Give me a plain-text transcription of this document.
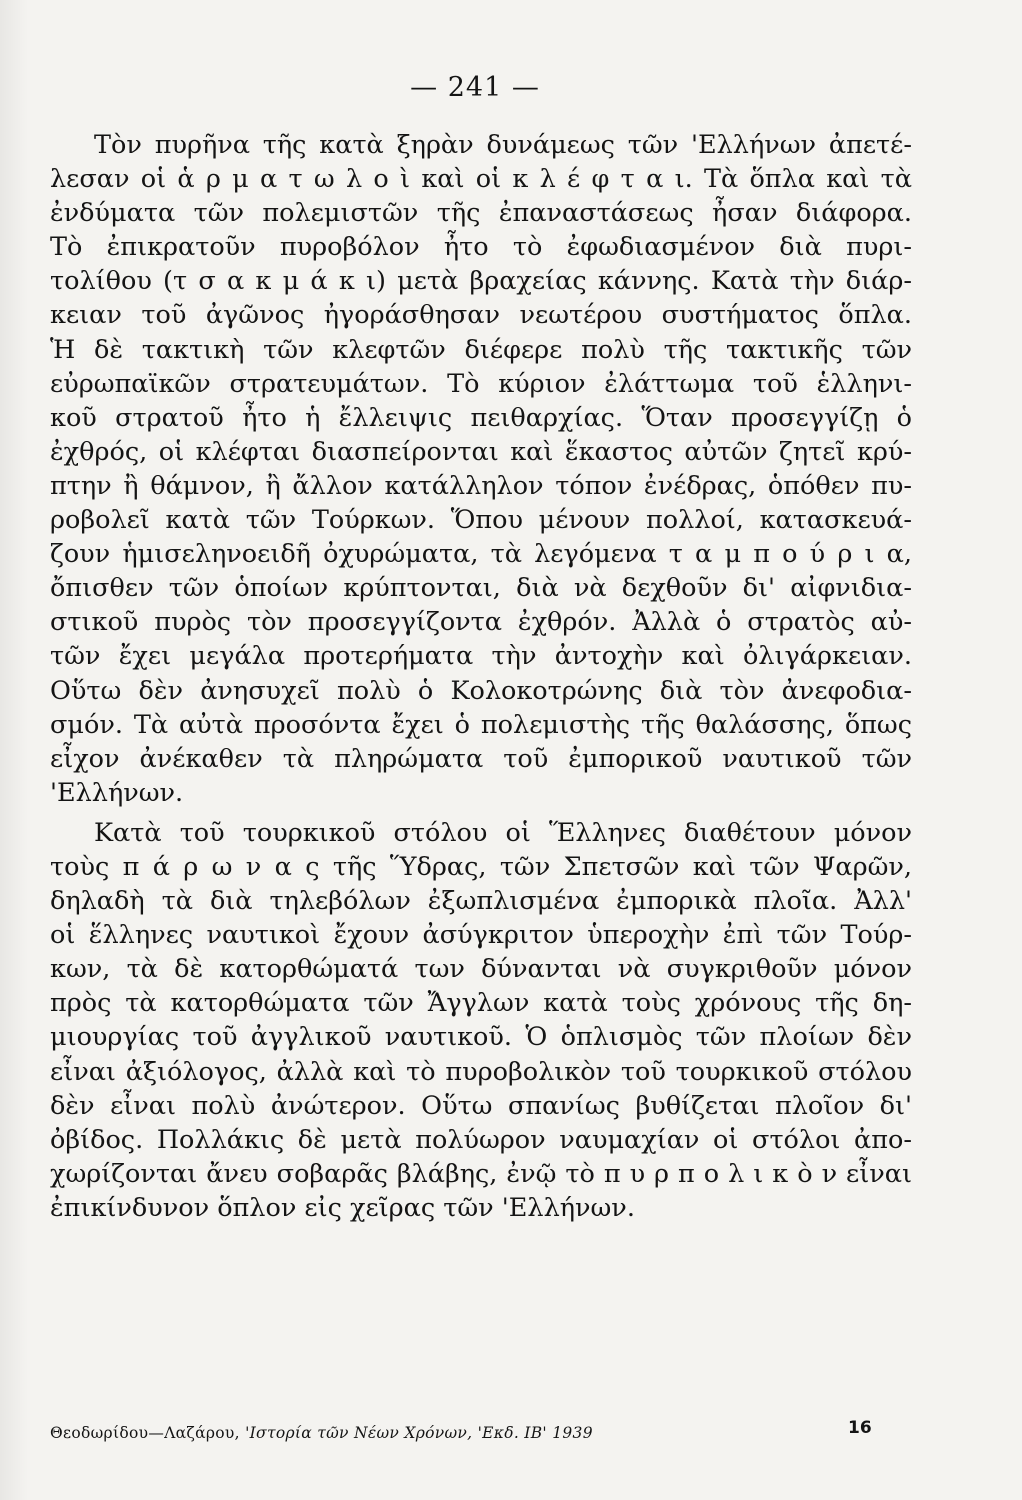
— 241 —
Τὸν πυρῆνα τῆς κατὰ ξηρὰν δυνάμεως τῶν 'Ελλήνων ἀπετέ-
λεσαν οἱ ἁ ρ μ α τ ω λ ο ὶ καὶ οἱ κ λ έ φ τ α ι. Τὰ ὅπλα καὶ τὰ
ἐνδύματα τῶν πολεμιστῶν τῆς ἐπαναστάσεως ἦσαν διάφορα.
Τὸ ἐπικρατοῦν πυροβόλον ἦτο τὸ ἐφωδιασμένον διὰ πυρι-
τολίθου (τ σ α κ μ ά κ ι) μετὰ βραχείας κάννης. Κατὰ τὴν διάρ-
κειαν τοῦ ἀγῶνος ἠγοράσθησαν νεωτέρου συστήματος ὅπλα.
Ἡ δὲ τακτικὴ τῶν κλεφτῶν διέφερε πολὺ τῆς τακτικῆς τῶν
εὐρωπαϊκῶν στρατευμάτων. Τὸ κύριον ἐλάττωμα τοῦ ἑλληνι-
κοῦ στρατοῦ ἦτο ἡ ἔλλειψις πειθαρχίας. Ὅταν προσεγγίζῃ ὁ
ἐχθρός, οἱ κλέφται διασπείρονται καὶ ἕκαστος αὐτῶν ζητεῖ κρύ-
πτην ἢ θάμνον, ἢ ἄλλον κατάλληλον τόπον ἐνέδρας, ὁπόθεν πυ-
ροβολεῖ κατὰ τῶν Τούρκων. Ὅπου μένουν πολλοί, κατασκευά-
ζουν ἡμισεληνοειδῆ ὀχυρώματα, τὰ λεγόμενα τ α μ π ο ύ ρ ι α,
ὄπισθεν τῶν ὁποίων κρύπτονται, διὰ νὰ δεχθοῦν δι' αἰφνιδια-
στικοῦ πυρὸς τὸν προσεγγίζοντα ἐχθρόν. Ἀλλὰ ὁ στρατὸς αὐ-
τῶν ἔχει μεγάλα προτερήματα τὴν ἀντοχὴν καὶ ὀλιγάρκειαν.
Οὕτω δὲν ἀνησυχεῖ πολὺ ὁ Κολοκοτρώνης διὰ τὸν ἀνεφοδια-
σμόν. Τὰ αὐτὰ προσόντα ἔχει ὁ πολεμιστὴς τῆς θαλάσσης, ὅπως
εἶχον ἀνέκαθεν τὰ πληρώματα τοῦ ἐμπορικοῦ ναυτικοῦ τῶν
'Ελλήνων.
Κατὰ τοῦ τουρκικοῦ στόλου οἱ Ἕλληνες διαθέτουν μόνον
τοὺς π ά ρ ω ν α ς τῆς Ὕδρας, τῶν Σπετσῶν καὶ τῶν Ψαρῶν,
δηλαδὴ τὰ διὰ τηλεβόλων ἐξωπλισμένα ἐμπορικὰ πλοῖα. Ἀλλ'
οἱ ἕλληνες ναυτικοὶ ἔχουν ἀσύγκριτον ὑπεροχὴν ἐπὶ τῶν Τούρ-
κων, τὰ δὲ κατορθώματά των δύνανται νὰ συγκριθοῦν μόνον
πρὸς τὰ κατορθώματα τῶν Ἄγγλων κατὰ τοὺς χρόνους τῆς δη-
μιουργίας τοῦ ἀγγλικοῦ ναυτικοῦ. Ὁ ὁπλισμὸς τῶν πλοίων δὲν
εἶναι ἀξιόλογος, ἀλλὰ καὶ τὸ πυροβολικὸν τοῦ τουρκικοῦ στόλου
δὲν εἶναι πολὺ ἀνώτερον. Οὕτω σπανίως βυθίζεται πλοῖον δι'
ὀβίδος. Πολλάκις δὲ μετὰ πολύωρον ναυμαχίαν οἱ στόλοι ἀπο-
χωρίζονται ἄνευ σοβαρᾶς βλάβης, ἐνῷ τὸ π υ ρ π ο λ ι κ ὸ ν εἶναι
ἐπικίνδυνον ὅπλον εἰς χεῖρας τῶν 'Ελλήνων.
Θεοδωρίδου—Λαζάρου, 'Ιστορία τῶν Νέων Χρόνων, 'Εκδ. ΙΒ' 1939	16
